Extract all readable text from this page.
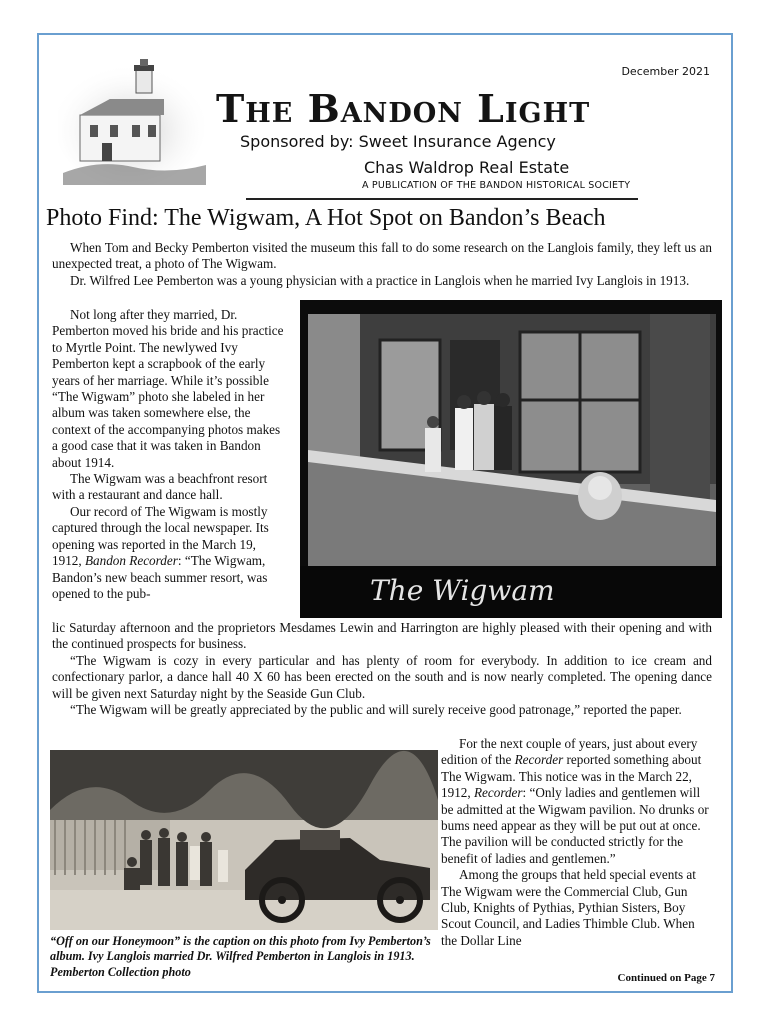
December 2021
The Bandon Light
Sponsored by: Sweet Insurance Agency
Chas Waldrop Real Estate
A PUBLICATION OF THE BANDON HISTORICAL SOCIETY
Photo Find: The Wigwam, A Hot Spot on Bandon’s Beach

When Tom and Becky Pemberton visited the museum this fall to do some research on the Langlois family, they left us an unexpected treat, a photo of The Wigwam.

Dr. Wilfred Lee Pemberton was a young physician with a practice in Langlois when he married Ivy Langlois in 1913.

Not long after they married, Dr. Pemberton moved his bride and his practice to Myrtle Point. The newlywed Ivy Pemberton kept a scrapbook of the early years of her marriage. While it’s possible “The Wigwam” photo she labeled in her album was taken somewhere else, the context of the accompanying photos makes a good case that it was taken in Bandon about 1914.

The Wigwam was a beachfront resort with a restaurant and dance hall.

Our record of The Wigwam is mostly captured through the local newspaper. Its opening was reported in the March 19, 1912, Bandon Recorder: “The Wigwam, Bandon’s new beach summer resort, was opened to the pub-	The Wigwam

lic Saturday afternoon and the proprietors Mesdames Lewin and Harrington are highly pleased with their opening and with the continued prospects for business.

“The Wigwam is cozy in every particular and has plenty of room for everybody. In addition to ice cream and confectionary parlor, a dance hall 40 X 60 has been erected on the south and is now nearly completed. The opening dance will be given next Saturday night by the Seaside Gun Club.

“The Wigwam will be greatly appreciated by the public and will surely receive good patronage,” reported the paper.

“Off on our Honeymoon” is the caption on this photo from Ivy Pemberton’s album. Ivy Langlois married Dr. Wilfred Pemberton in Langlois in 1913. Pemberton Collection photo

For the next couple of years, just about every edition of the Recorder reported something about The Wigwam. This notice was in the March 22, 1912, Recorder: “Only ladies and gentlemen will be admitted at the Wigwam pavilion. No drunks or bums need appear as they will be put out at once. The pavilion will be conducted strictly for the benefit of ladies and gentlemen.”

Among the groups that held special events at The Wigwam were the Commercial Club, Gun Club, Knights of Pythias, Pythian Sisters, Boy Scout Council, and Ladies Thimble Club. When the Dollar Line

Continued on Page 7
